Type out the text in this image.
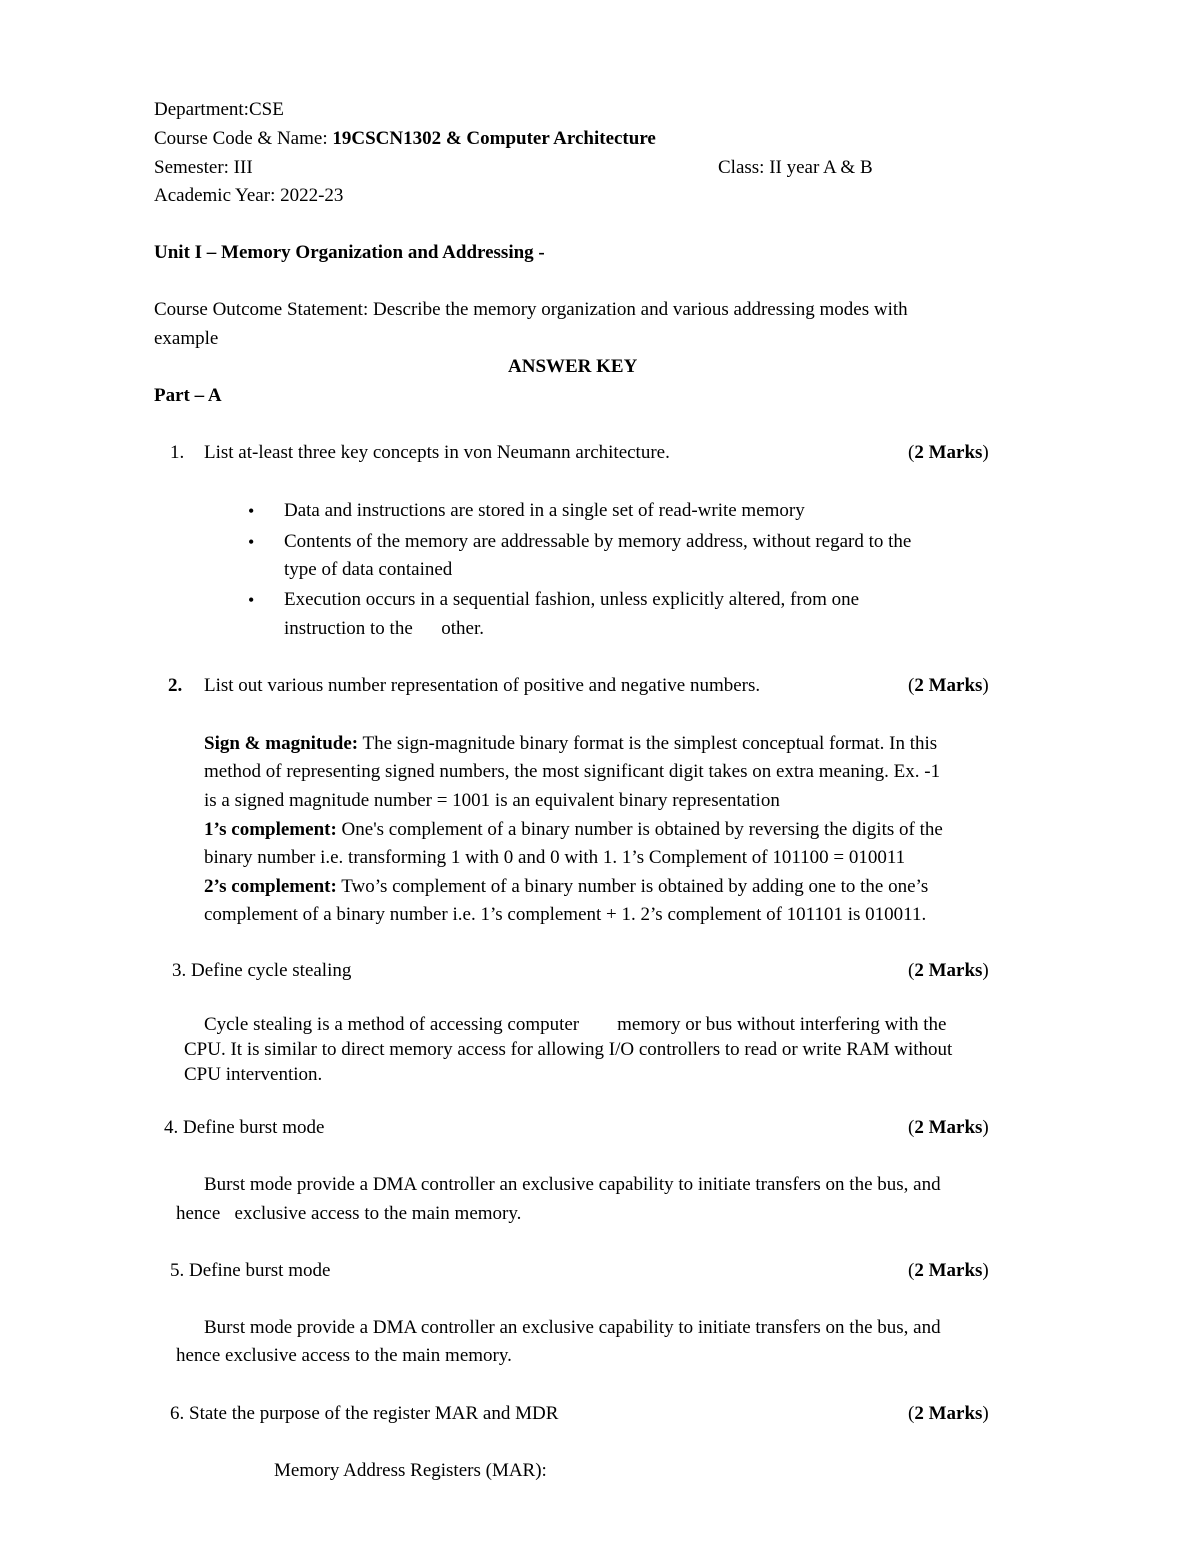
Department:CSE
Course Code & Name: 19CSCN1302 & Computer Architecture
Semester: III	Class: II year A & B
Academic Year: 2022-23
Unit I – Memory Organization and Addressing -
Course Outcome Statement: Describe the memory organization and various addressing modes with
example
ANSWER KEY
Part – A
1. List at-least three key concepts in von Neumann architecture.	(2 Marks)
•
Data and instructions are stored in a single set of read-write memory
•
Contents of the memory are addressable by memory address, without regard to the
type of data contained
•
Execution occurs in a sequential fashion, unless explicitly altered, from one
instruction to the      other.
2. List out various number representation of positive and negative numbers.	(2 Marks)
Sign & magnitude: The sign-magnitude binary format is the simplest conceptual format. In this
method of representing signed numbers, the most significant digit takes on extra meaning. Ex. -1
is a signed magnitude number = 1001 is an equivalent binary representation
1’s complement: One's complement of a binary number is obtained by reversing the digits of the
binary number i.e. transforming 1 with 0 and 0 with 1. 1’s Complement of 101100 = 010011
2’s complement: Two’s complement of a binary number is obtained by adding one to the one’s
complement of a binary number i.e. 1’s complement + 1. 2’s complement of 101101 is 010011.
3. Define cycle stealing	(2 Marks)
Cycle stealing is a method of accessing computer        memory or bus without interfering with the
CPU. It is similar to direct memory access for allowing I/O controllers to read or write RAM without
CPU intervention.
4. Define burst mode	(2 Marks)
Burst mode provide a DMA controller an exclusive capability to initiate transfers on the bus, and
hence   exclusive access to the main memory.
5. Define burst mode	(2 Marks)
Burst mode provide a DMA controller an exclusive capability to initiate transfers on the bus, and
hence exclusive access to the main memory.
6. State the purpose of the register MAR and MDR	(2 Marks)
Memory Address Registers (MAR):
